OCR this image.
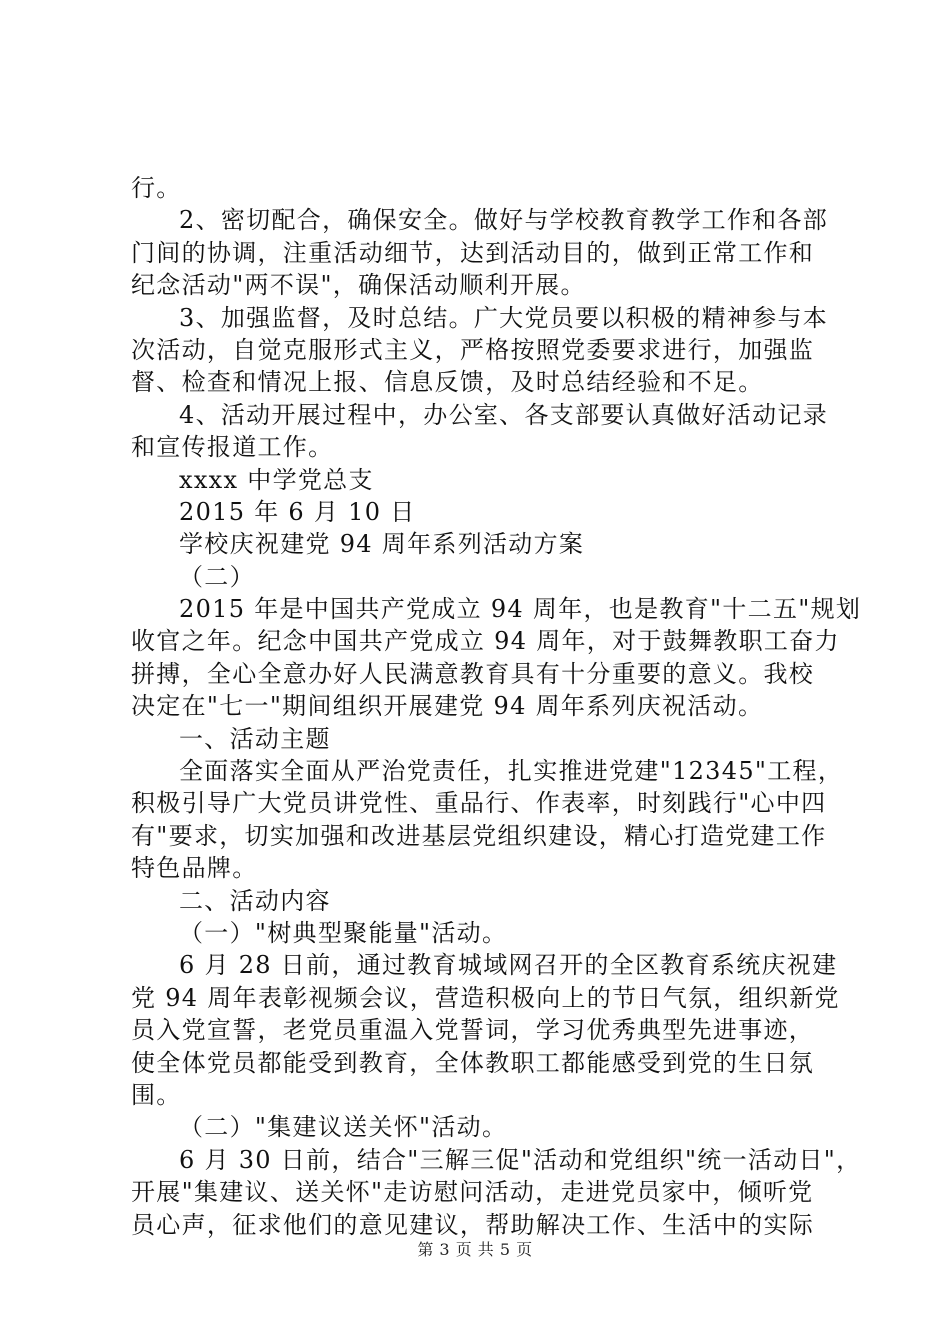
行。
2、密切配合，确保安全。做好与学校教育教学工作和各部
门间的协调，注重活动细节，达到活动目的，做到正常工作和
纪念活动"两不误"，确保活动顺利开展。
3、加强监督，及时总结。广大党员要以积极的精神参与本
次活动，自觉克服形式主义，严格按照党委要求进行，加强监
督、检查和情况上报、信息反馈，及时总结经验和不足。
4、活动开展过程中，办公室、各支部要认真做好活动记录
和宣传报道工作。
xxxx 中学党总支
2015 年 6 月 10 日
学校庆祝建党 94 周年系列活动方案
（二）
2015 年是中国共产党成立 94 周年，也是教育"十二五"规划
收官之年。纪念中国共产党成立 94 周年，对于鼓舞教职工奋力
拼搏，全心全意办好人民满意教育具有十分重要的意义。我校
决定在"七一"期间组织开展建党 94 周年系列庆祝活动。
一、活动主题
全面落实全面从严治党责任，扎实推进党建"12345"工程，
积极引导广大党员讲党性、重品行、作表率，时刻践行"心中四
有"要求，切实加强和改进基层党组织建设，精心打造党建工作
特色品牌。
二、活动内容
（一）"树典型聚能量"活动。
6 月 28 日前，通过教育城域网召开的全区教育系统庆祝建
党 94 周年表彰视频会议，营造积极向上的节日气氛，组织新党
员入党宣誓，老党员重温入党誓词，学习优秀典型先进事迹，
使全体党员都能受到教育，全体教职工都能感受到党的生日氛
围。
（二）"集建议送关怀"活动。
6 月 30 日前，结合"三解三促"活动和党组织"统一活动日"，
开展"集建议、送关怀"走访慰问活动，走进党员家中，倾听党
员心声，征求他们的意见建议，帮助解决工作、生活中的实际
第 3 页 共 5 页
